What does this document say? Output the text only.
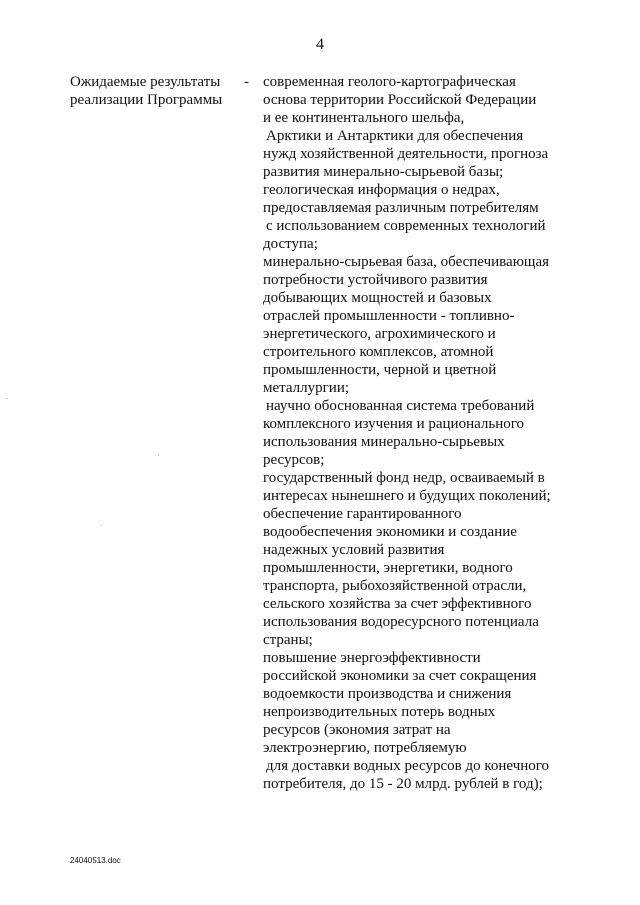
4
Ожидаемые результаты
реализации Программы
- современная геолого-картографическая
основа территории Российской Федерации
и ее континентального шельфа,
Арктики и Антарктики для обеспечения
нужд хозяйственной деятельности, прогноза
развития минерально-сырьевой базы;
геологическая информация о недрах,
предоставляемая различным потребителям
с использованием современных технологий
доступа;
минерально-сырьевая база, обеспечивающая
потребности устойчивого развития
добывающих мощностей и базовых
отраслей промышленности - топливно-
энергетического, агрохимического и
строительного комплексов, атомной
промышленности, черной и цветной
металлургии;
научно обоснованная система требований
комплексного изучения и рационального
использования минерально-сырьевых
ресурсов;
государственный фонд недр, осваиваемый в
интересах нынешнего и будущих поколений;
обеспечение гарантированного
водообеспечения экономики и создание
надежных условий развития
промышленности, энергетики, водного
транспорта, рыбохозяйственной отрасли,
сельского хозяйства за счет эффективного
использования водоресурсного потенциала
страны;
повышение энергоэффективности
российской экономики за счет сокращения
водоемкости производства и снижения
непроизводительных потерь водных
ресурсов (экономия затрат на
электроэнергию, потребляемую
для доставки водных ресурсов до конечного
потребителя, до 15 - 20 млрд. рублей в год);
24040513.doc
